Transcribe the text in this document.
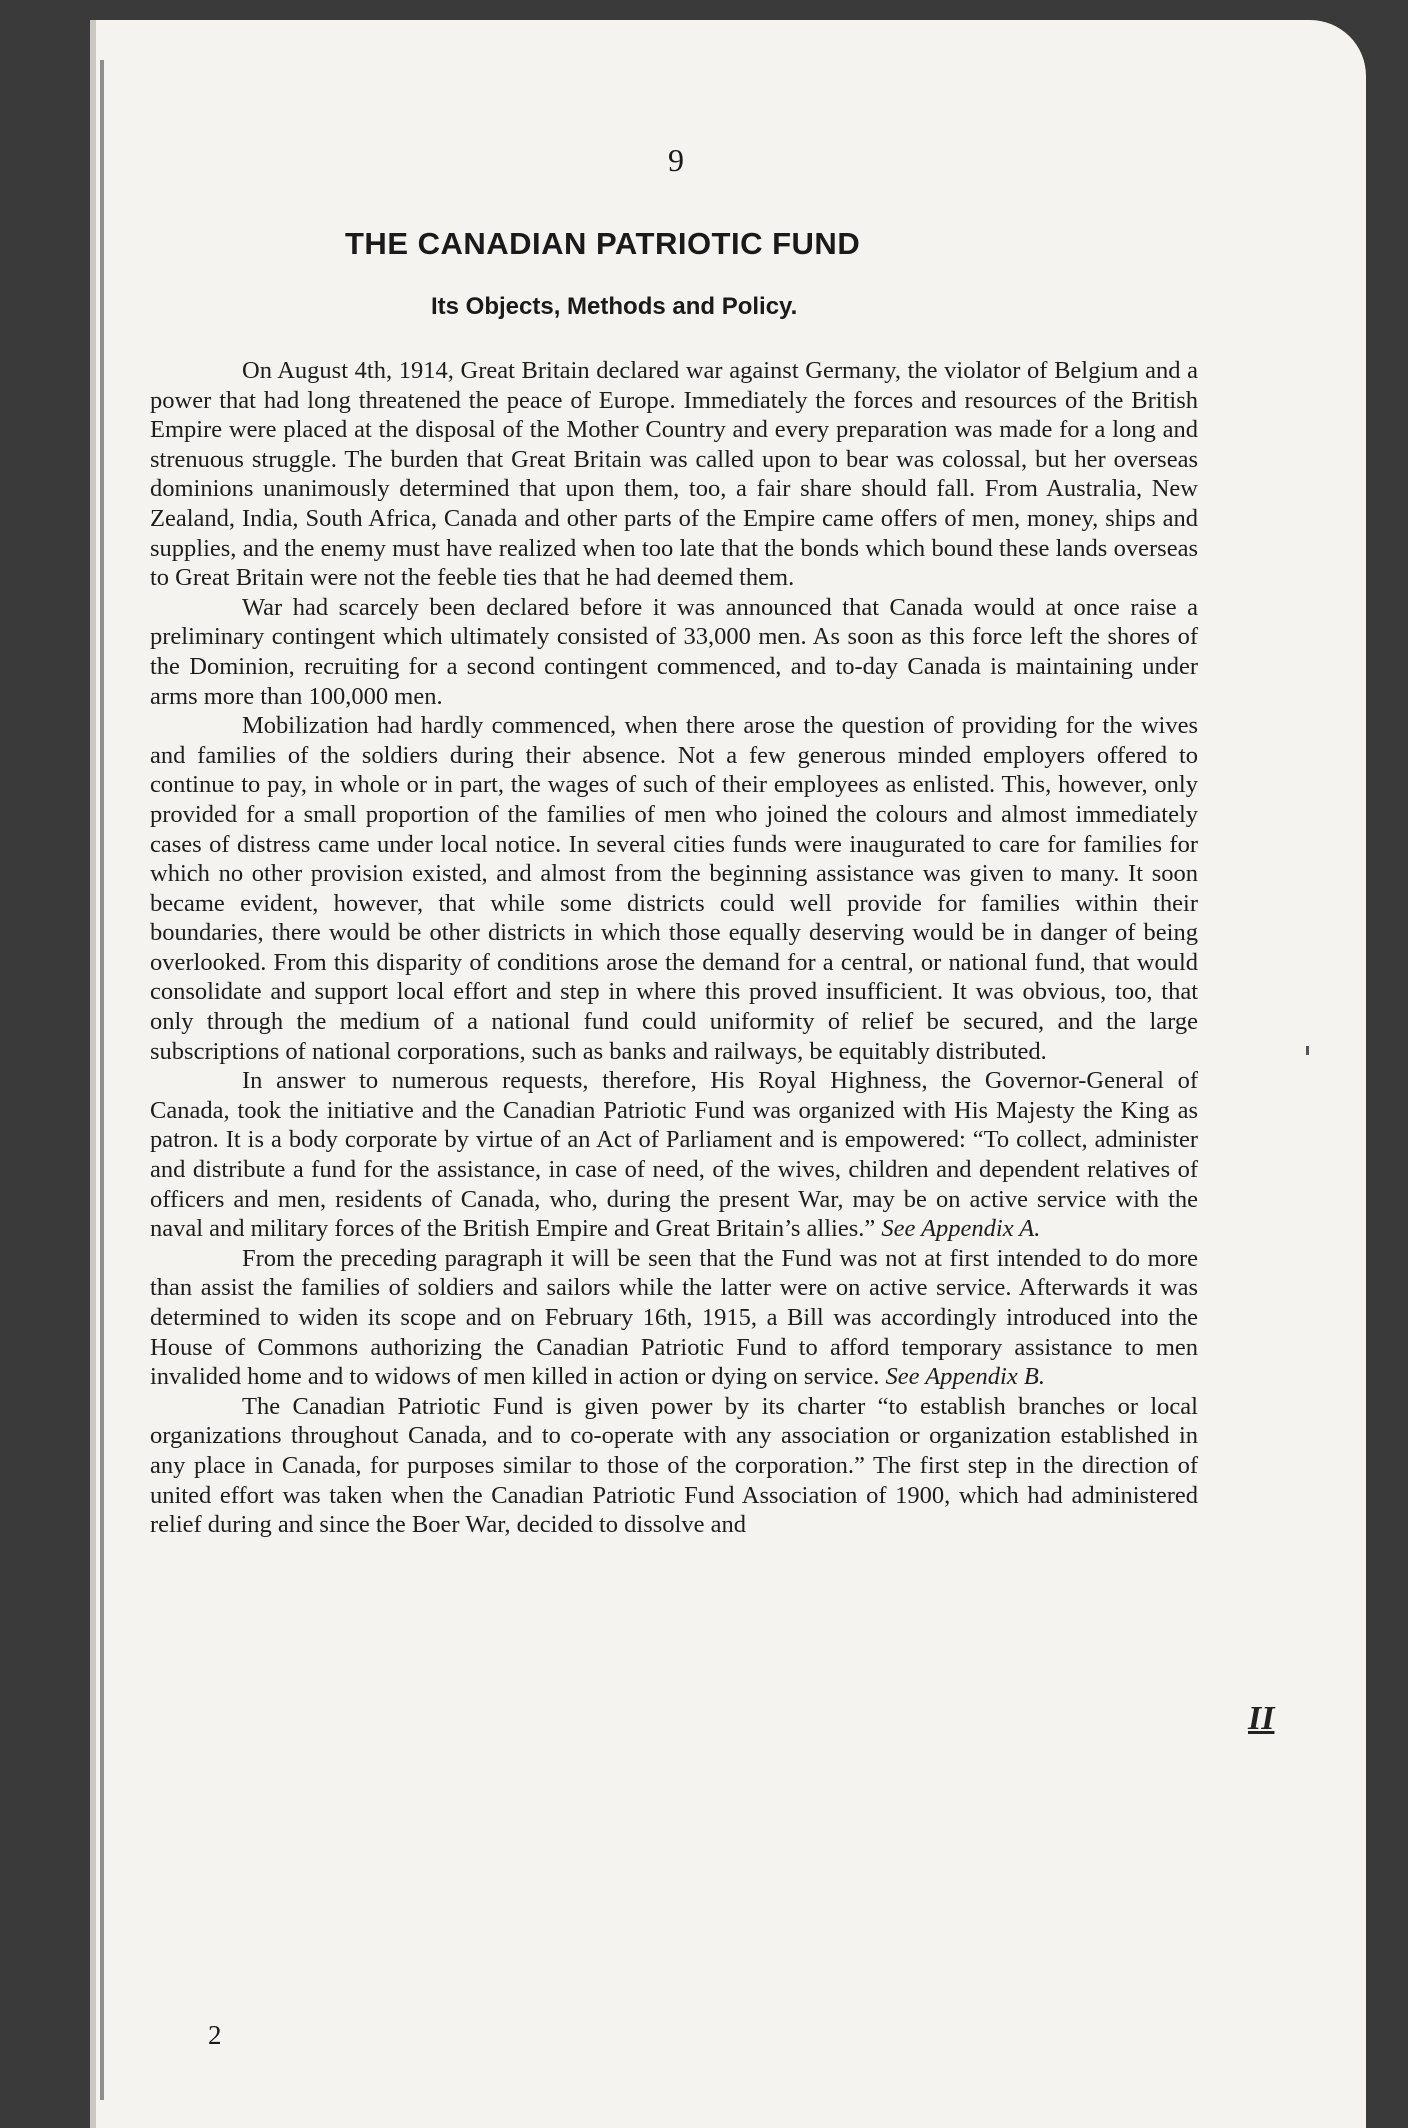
9
THE CANADIAN PATRIOTIC FUND
Its Objects, Methods and Policy.

On August 4th, 1914, Great Britain declared war against Germany, the violator of Belgium and a power that had long threatened the peace of Europe. Immediately the forces and resources of the British Empire were placed at the disposal of the Mother Country and every preparation was made for a long and strenuous struggle. The burden that Great Britain was called upon to bear was colossal, but her overseas dominions unanimously determined that upon them, too, a fair share should fall. From Australia, New Zealand, India, South Africa, Canada and other parts of the Empire came offers of men, money, ships and supplies, and the enemy must have realized when too late that the bonds which bound these lands overseas to Great Britain were not the feeble ties that he had deemed them.

War had scarcely been declared before it was announced that Canada would at once raise a preliminary contingent which ultimately consisted of 33,000 men. As soon as this force left the shores of the Dominion, recruiting for a second contingent commenced, and to-day Canada is maintaining under arms more than 100,000 men.

Mobilization had hardly commenced, when there arose the question of providing for the wives and families of the soldiers during their absence. Not a few generous minded employers offered to continue to pay, in whole or in part, the wages of such of their employees as enlisted. This, however, only provided for a small proportion of the families of men who joined the colours and almost immediately cases of distress came under local notice. In several cities funds were inaugurated to care for families for which no other provision existed, and almost from the beginning assistance was given to many. It soon became evident, however, that while some districts could well provide for families within their boundaries, there would be other districts in which those equally deserving would be in danger of being overlooked. From this disparity of conditions arose the demand for a central, or national fund, that would consolidate and support local effort and step in where this proved insufficient. It was obvious, too, that only through the medium of a national fund could uniformity of relief be secured, and the large subscriptions of national corporations, such as banks and railways, be equitably distributed.

In answer to numerous requests, therefore, His Royal Highness, the Governor-General of Canada, took the initiative and the Canadian Patriotic Fund was organized with His Majesty the King as patron. It is a body corporate by virtue of an Act of Parliament and is empowered: “To collect, administer and distribute a fund for the assistance, in case of need, of the wives, children and dependent relatives of officers and men, residents of Canada, who, during the present War, may be on active service with the naval and military forces of the British Empire and Great Britain’s allies.” See Appendix A.

From the preceding paragraph it will be seen that the Fund was not at first intended to do more than assist the families of soldiers and sailors while the latter were on active service. Afterwards it was determined to widen its scope and on February 16th, 1915, a Bill was accordingly introduced into the House of Commons authorizing the Canadian Patriotic Fund to afford temporary assistance to men invalided home and to widows of men killed in action or dying on service. See Appendix B.

The Canadian Patriotic Fund is given power by its charter “to establish branches or local organizations throughout Canada, and to co-operate with any association or organization established in any place in Canada, for purposes similar to those of the corporation.” The first step in the direction of united effort was taken when the Canadian Patriotic Fund Association of 1900, which had administered relief during and since the Boer War, decided to dissolve and

2
II
